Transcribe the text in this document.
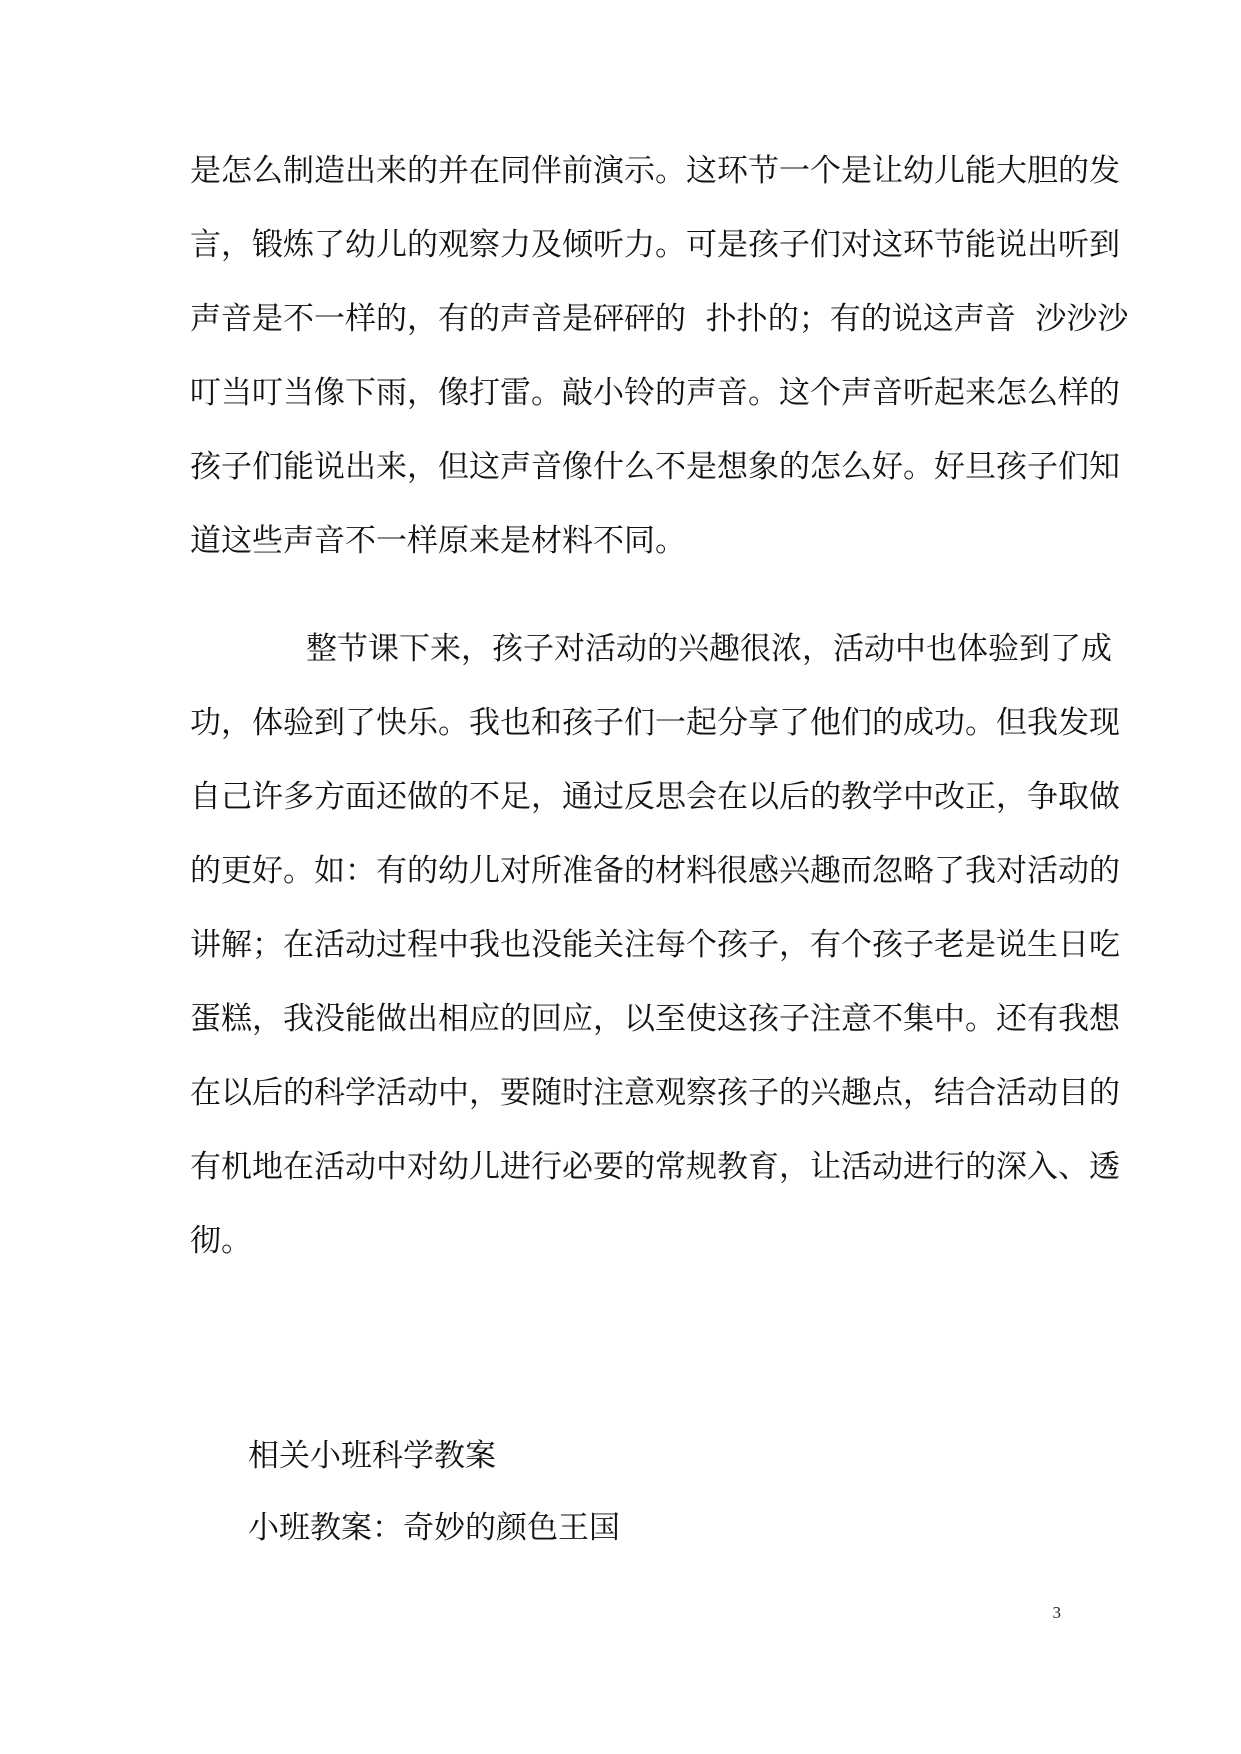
是怎么制造出来的并在同伴前演示。这环节一个是让幼儿能大胆的发
言，锻炼了幼儿的观察力及倾听力。可是孩子们对这环节能说出听到
声音是不一样的，有的声音是砰砰的  扑扑的；有的说这声音  沙沙沙
叮当叮当像下雨，像打雷。敲小铃的声音。这个声音听起来怎么样的
孩子们能说出来，但这声音像什么不是想象的怎么好。好旦孩子们知
道这些声音不一样原来是材料不同。
整节课下来，孩子对活动的兴趣很浓，活动中也体验到了成
功，体验到了快乐。我也和孩子们一起分享了他们的成功。但我发现
自己许多方面还做的不足，通过反思会在以后的教学中改正，争取做
的更好。如：有的幼儿对所准备的材料很感兴趣而忽略了我对活动的
讲解；在活动过程中我也没能关注每个孩子，有个孩子老是说生日吃
蛋糕，我没能做出相应的回应，以至使这孩子注意不集中。还有我想
在以后的科学活动中，要随时注意观察孩子的兴趣点，结合活动目的
有机地在活动中对幼儿进行必要的常规教育，让活动进行的深入、透
彻。
相关小班科学教案
小班教案：奇妙的颜色王国
3
